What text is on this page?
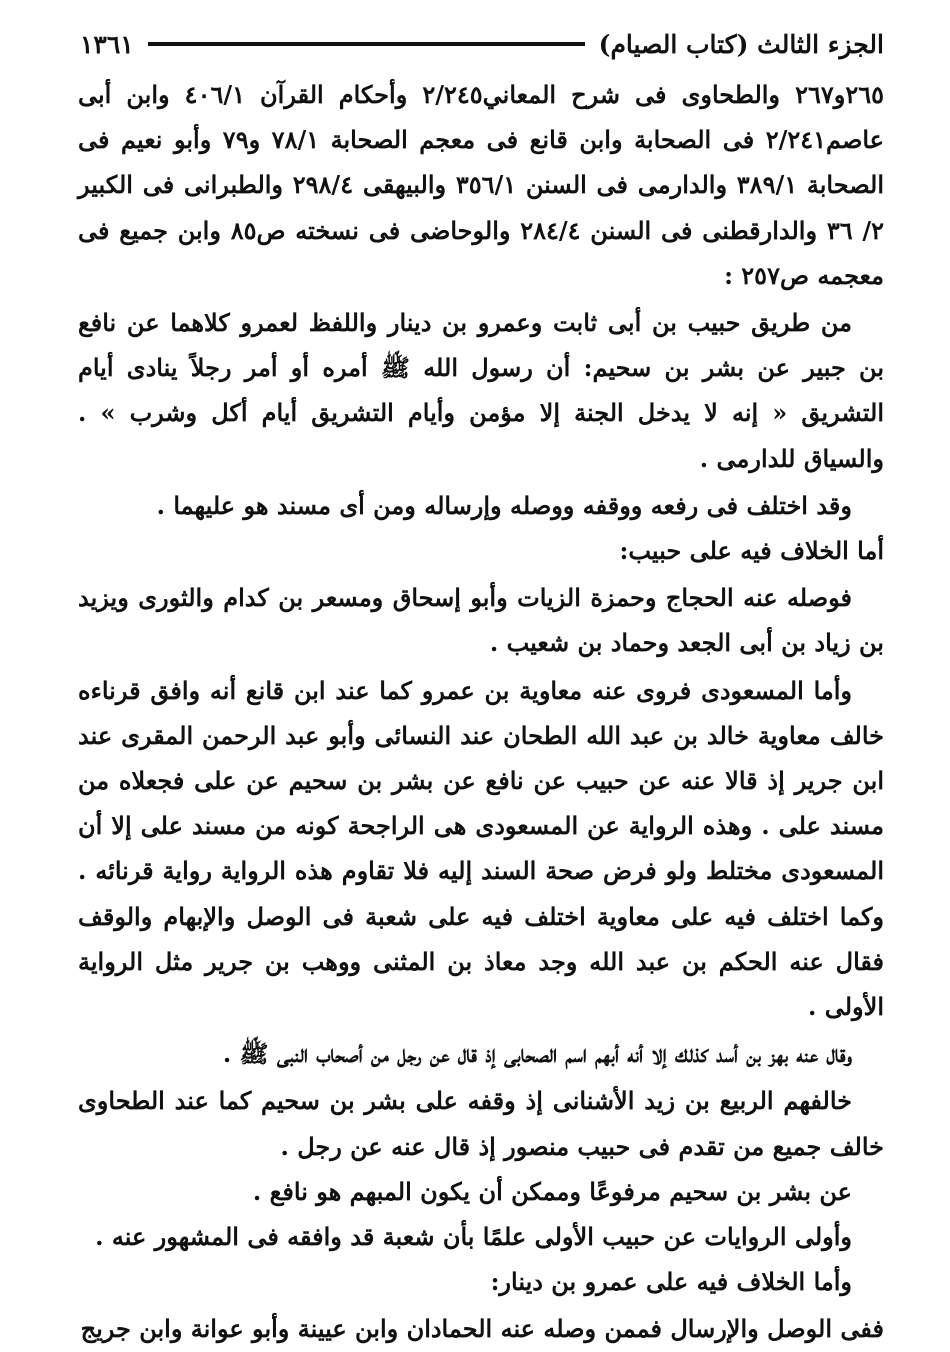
الجزء الثالث (كتاب الصيام)
١٣٦١

٢٦٥و٢٦٧ والطحاوى فى شرح المعاني٢/٢٤٥ وأحكام القرآن ٤٠٦/١ وابن أبى عاصم٢/٢٤١ فى الصحابة وابن قانع فى معجم الصحابة ٧٨/١ و٧٩ وأبو نعيم فى الصحابة ٣٨٩/١ والدارمى فى السنن ٣٥٦/١ والبيهقى ٢٩٨/٤ والطبرانى فى الكبير ٢/ ٣٦ والدارقطنى فى السنن ٢٨٤/٤ والوحاضى فى نسخته ص٨٥ وابن جميع فى معجمه ص٢٥٧ :

من طريق حبيب بن أبى ثابت وعمرو بن دينار واللفظ لعمرو كلاهما عن نافع بن جبير عن بشر بن سحيم: أن رسول الله ﷺ أمره أو أمر رجلاً ينادى أيام التشريق « إنه لا يدخل الجنة إلا مؤمن وأيام التشريق أيام أكل وشرب » . والسياق للدارمى .

وقد اختلف فى رفعه ووقفه ووصله وإرساله ومن أى مسند هو عليهما .

أما الخلاف فيه على حبيب:

فوصله عنه الحجاج وحمزة الزيات وأبو إسحاق ومسعر بن كدام والثورى ويزيد بن زياد بن أبى الجعد وحماد بن شعيب .

وأما المسعودى فروى عنه معاوية بن عمرو كما عند ابن قانع أنه وافق قرناءه خالف معاوية خالد بن عبد الله الطحان عند النسائى وأبو عبد الرحمن المقرى عند ابن جرير إذ قالا عنه عن حبيب عن نافع عن بشر بن سحيم عن على فجعلاه من مسند على . وهذه الرواية عن المسعودى هى الراجحة كونه من مسند على إلا أن المسعودى مختلط ولو فرض صحة السند إليه فلا تقاوم هذه الرواية رواية قرنائه . وكما اختلف فيه على معاوية اختلف فيه على شعبة فى الوصل والإبهام والوقف فقال عنه الحكم بن عبد الله وجد معاذ بن المثنى ووهب بن جرير مثل الرواية الأولى .

وقال عنه بهز بن أسد كذلك إلا أنه أبهم اسم الصحابى إذ قال عن رجل من أصحاب النبى ﷺ .

خالفهم الربيع بن زيد الأشنانى إذ وقفه على بشر بن سحيم كما عند الطحاوى خالف جميع من تقدم فى حبيب منصور إذ قال عنه عن رجل .

عن بشر بن سحيم مرفوعًا وممكن أن يكون المبهم هو نافع .

وأولى الروايات عن حبيب الأولى علمًا بأن شعبة قد وافقه فى المشهور عنه .

وأما الخلاف فيه على عمرو بن دينار:

ففى الوصل والإرسال فممن وصله عنه الحمادان وابن عيينة وأبو عوانة وابن جريج
